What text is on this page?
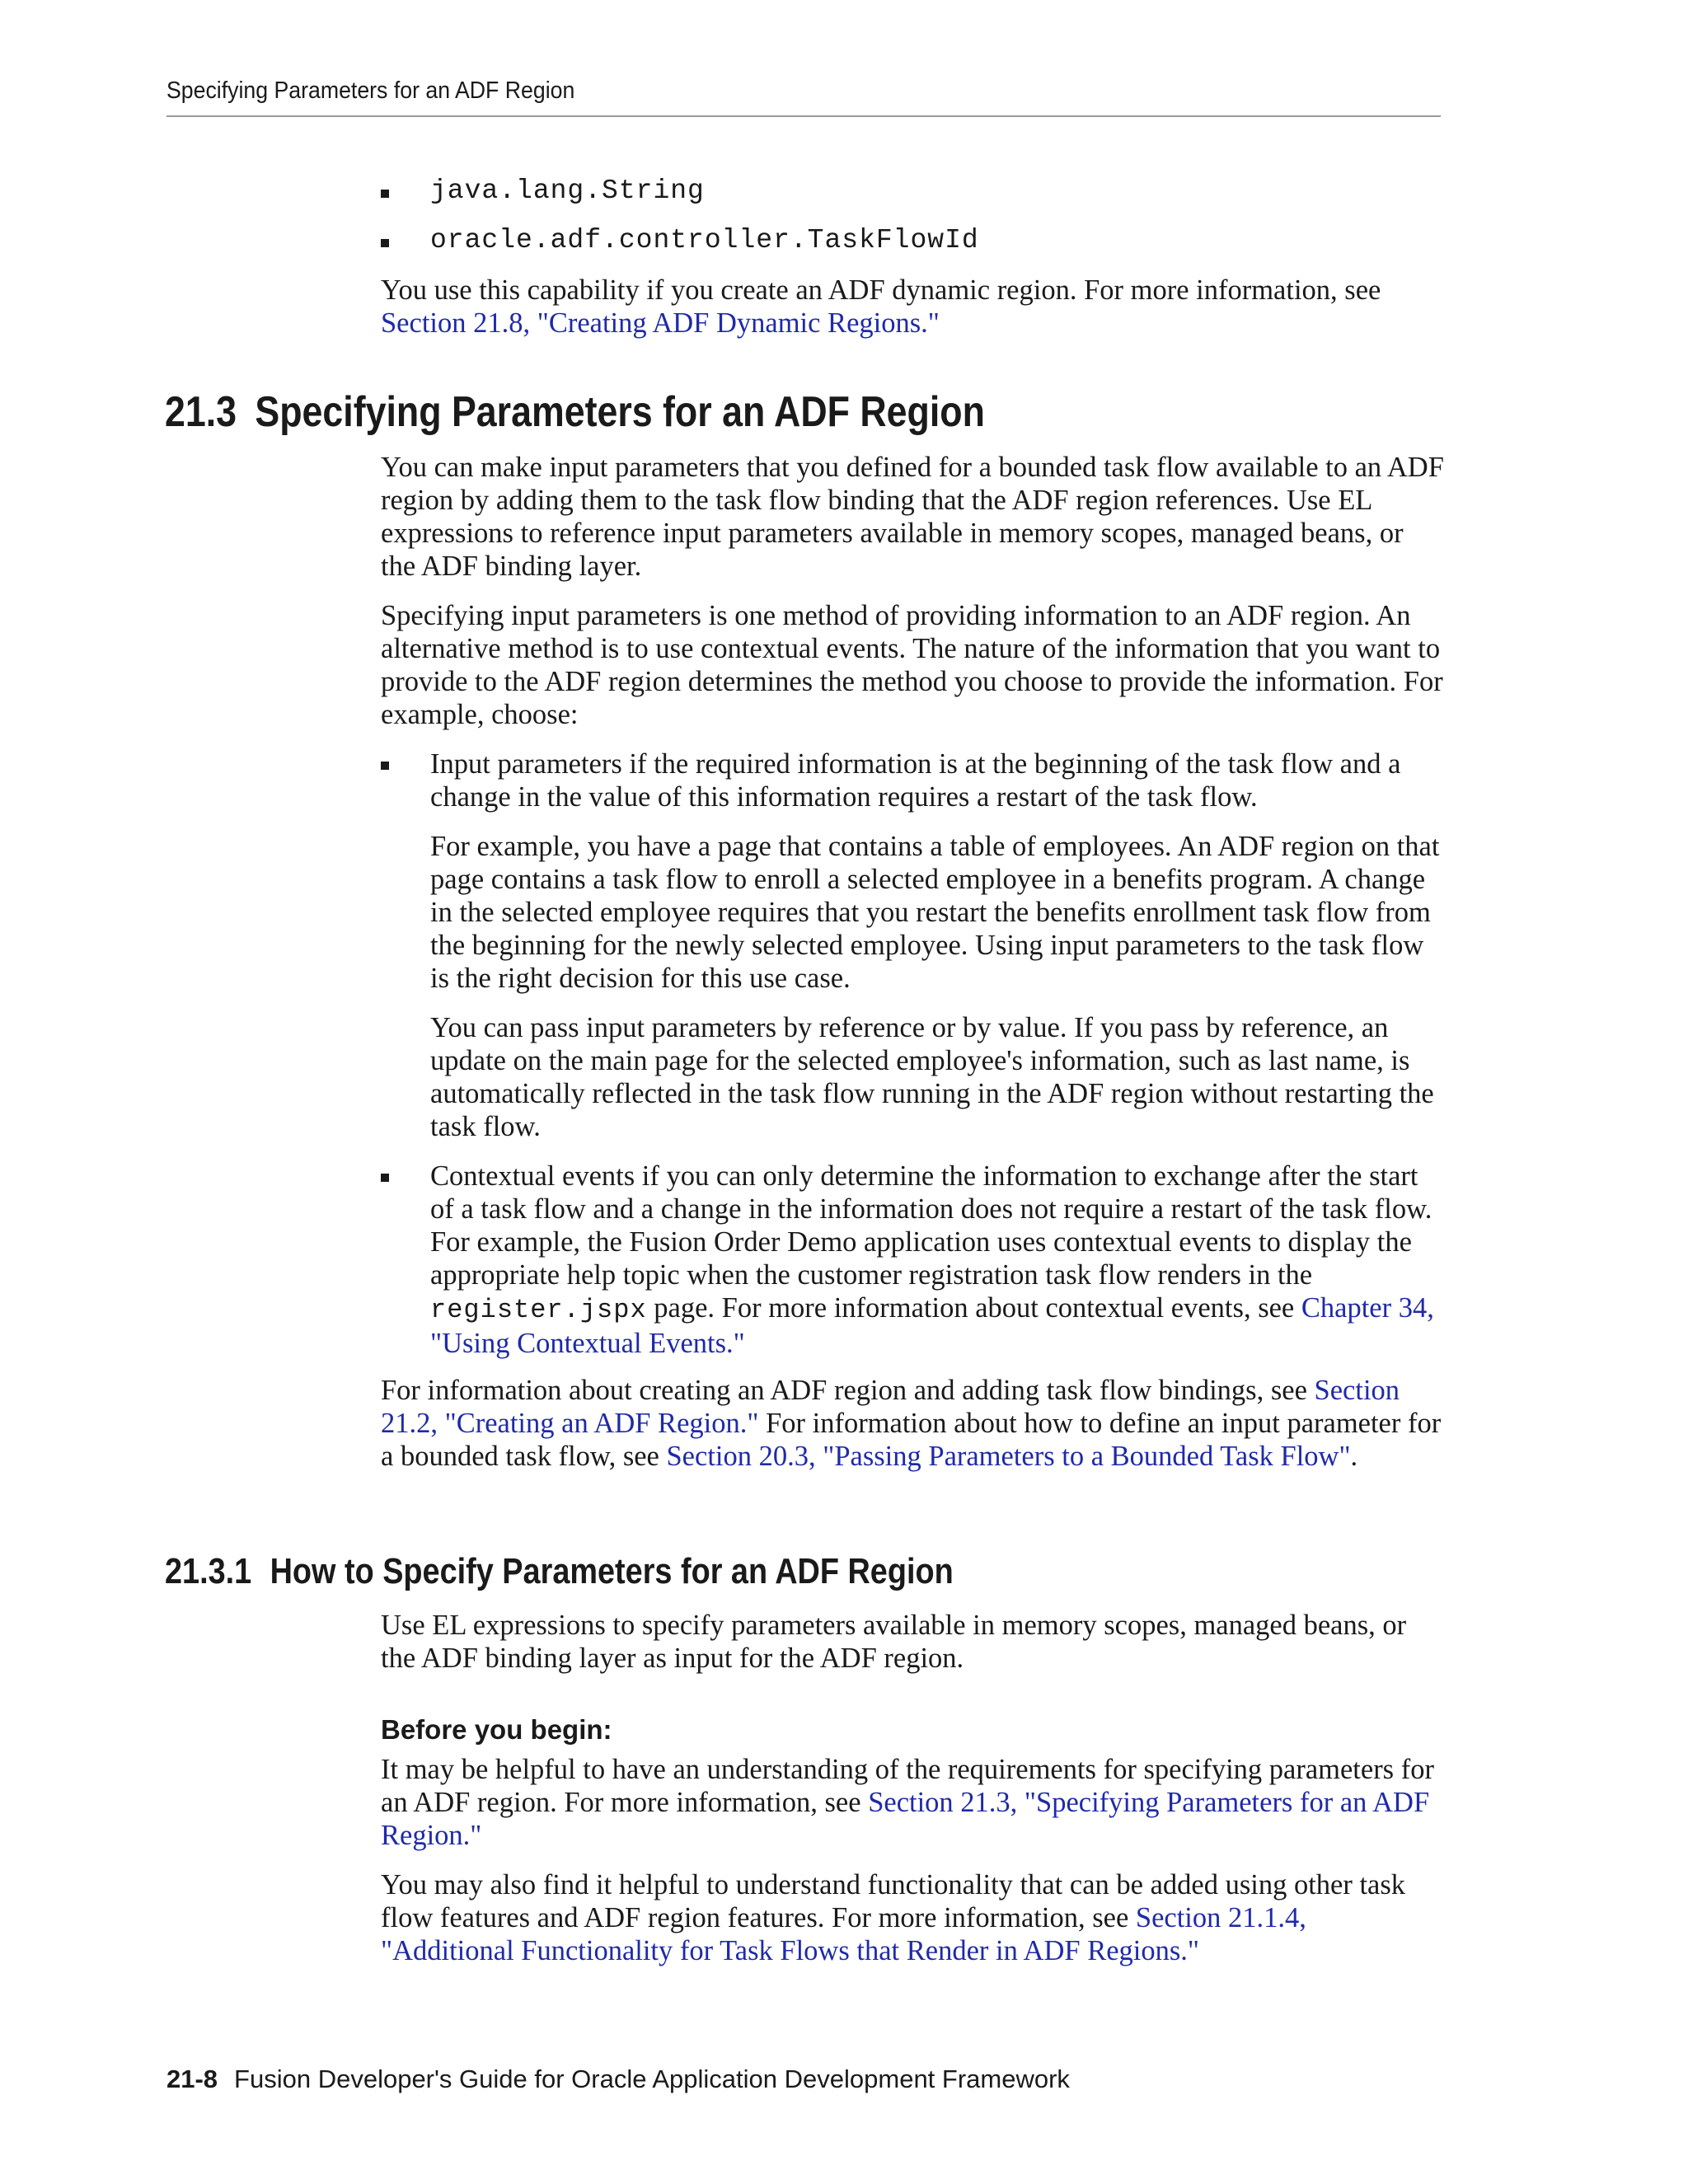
Specifying Parameters for an ADF Region
java.lang.String
oracle.adf.controller.TaskFlowId

You use this capability if you create an ADF dynamic region. For more information, see Section 21.8, "Creating ADF Dynamic Regions."

21.3 Specifying Parameters for an ADF Region

You can make input parameters that you defined for a bounded task flow available to an ADF region by adding them to the task flow binding that the ADF region references. Use EL expressions to reference input parameters available in memory scopes, managed beans, or the ADF binding layer.

Specifying input parameters is one method of providing information to an ADF region. An alternative method is to use contextual events. The nature of the information that you want to provide to the ADF region determines the method you choose to provide the information. For example, choose:

Input parameters if the required information is at the beginning of the task flow and a change in the value of this information requires a restart of the task flow.

For example, you have a page that contains a table of employees. An ADF region on that page contains a task flow to enroll a selected employee in a benefits program. A change in the selected employee requires that you restart the benefits enrollment task flow from the beginning for the newly selected employee. Using input parameters to the task flow is the right decision for this use case.

You can pass input parameters by reference or by value. If you pass by reference, an update on the main page for the selected employee's information, such as last name, is automatically reflected in the task flow running in the ADF region without restarting the task flow.

Contextual events if you can only determine the information to exchange after the start of a task flow and a change in the information does not require a restart of the task flow. For example, the Fusion Order Demo application uses contextual events to display the appropriate help topic when the customer registration task flow renders in the register.jspx page. For more information about contextual events, see Chapter 34, "Using Contextual Events."

For information about creating an ADF region and adding task flow bindings, see Section 21.2, "Creating an ADF Region." For information about how to define an input parameter for a bounded task flow, see Section 20.3, "Passing Parameters to a Bounded Task Flow".

21.3.1 How to Specify Parameters for an ADF Region

Use EL expressions to specify parameters available in memory scopes, managed beans, or the ADF binding layer as input for the ADF region.

Before you begin:

It may be helpful to have an understanding of the requirements for specifying parameters for an ADF region. For more information, see Section 21.3, "Specifying Parameters for an ADF Region."

You may also find it helpful to understand functionality that can be added using other task flow features and ADF region features. For more information, see Section 21.1.4, "Additional Functionality for Task Flows that Render in ADF Regions."

21-8 Fusion Developer's Guide for Oracle Application Development Framework
